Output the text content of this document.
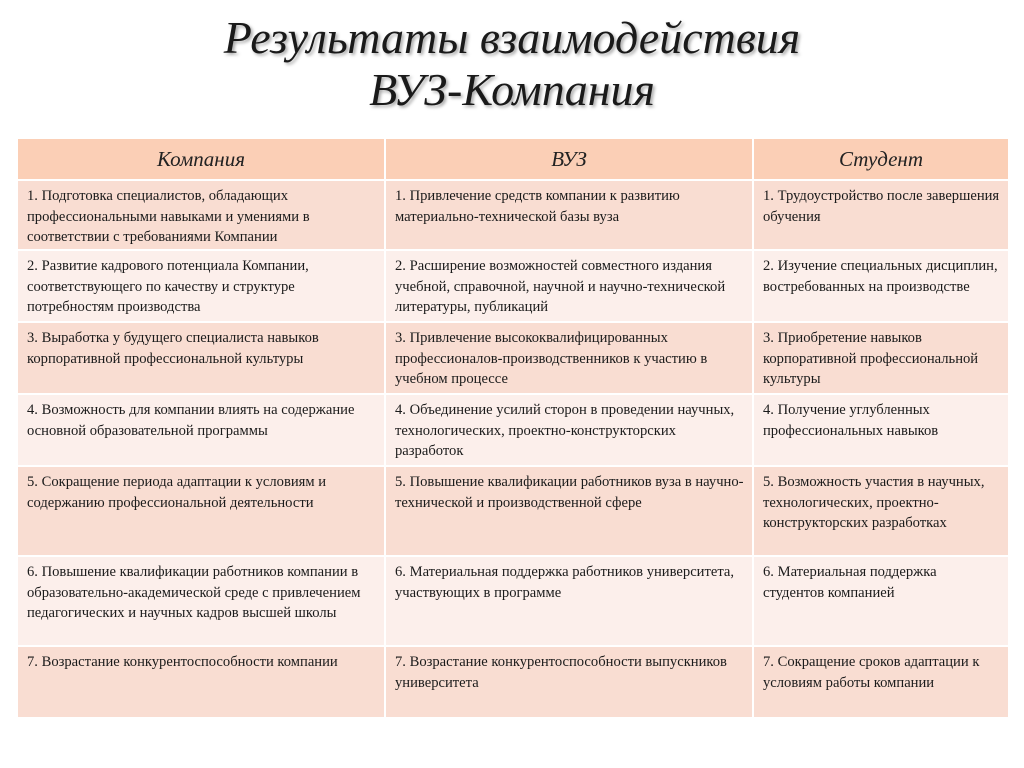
Результаты взаимодействия
ВУЗ-Компания
Компания	ВУЗ	Студент
1. Подготовка специалистов, обладающих профессиональными навыками и умениями в соответствии с требованиями Компании	1. Привлечение средств компании к развитию материально-технической базы вуза	1. Трудоустройство после завершения обучения
2. Развитие кадрового потенциала Компании, соответствующего по качеству и структуре потребностям производства	2. Расширение возможностей совместного издания учебной, справочной, научной и научно-технической литературы, публикаций	2. Изучение специальных дисциплин, востребованных на производстве
3. Выработка у будущего специалиста навыков корпоративной профессиональной культуры	3. Привлечение высококвалифицированных профессионалов-производственников к участию в учебном процессе	3. Приобретение навыков корпоративной профессиональной культуры
4. Возможность для компании влиять на содержание основной образовательной программы	4. Объединение усилий сторон в проведении научных, технологических, проектно-конструкторских разработок	4. Получение углубленных профессиональных навыков
5. Сокращение периода адаптации к условиям и содержанию профессиональной деятельности	5. Повышение квалификации работников вуза в научно-технической и производственной сфере	5. Возможность участия в научных, технологических, проектно-конструкторских разработках
6. Повышение квалификации работников компании в образовательно-академической среде с привлечением педагогических и научных кадров высшей школы	6. Материальная поддержка работников университета, участвующих в программе	6. Материальная поддержка студентов компанией
7. Возрастание конкурентоспособности компании	7. Возрастание конкурентоспособности выпускников университета	7. Сокращение сроков адаптации к условиям работы компании
